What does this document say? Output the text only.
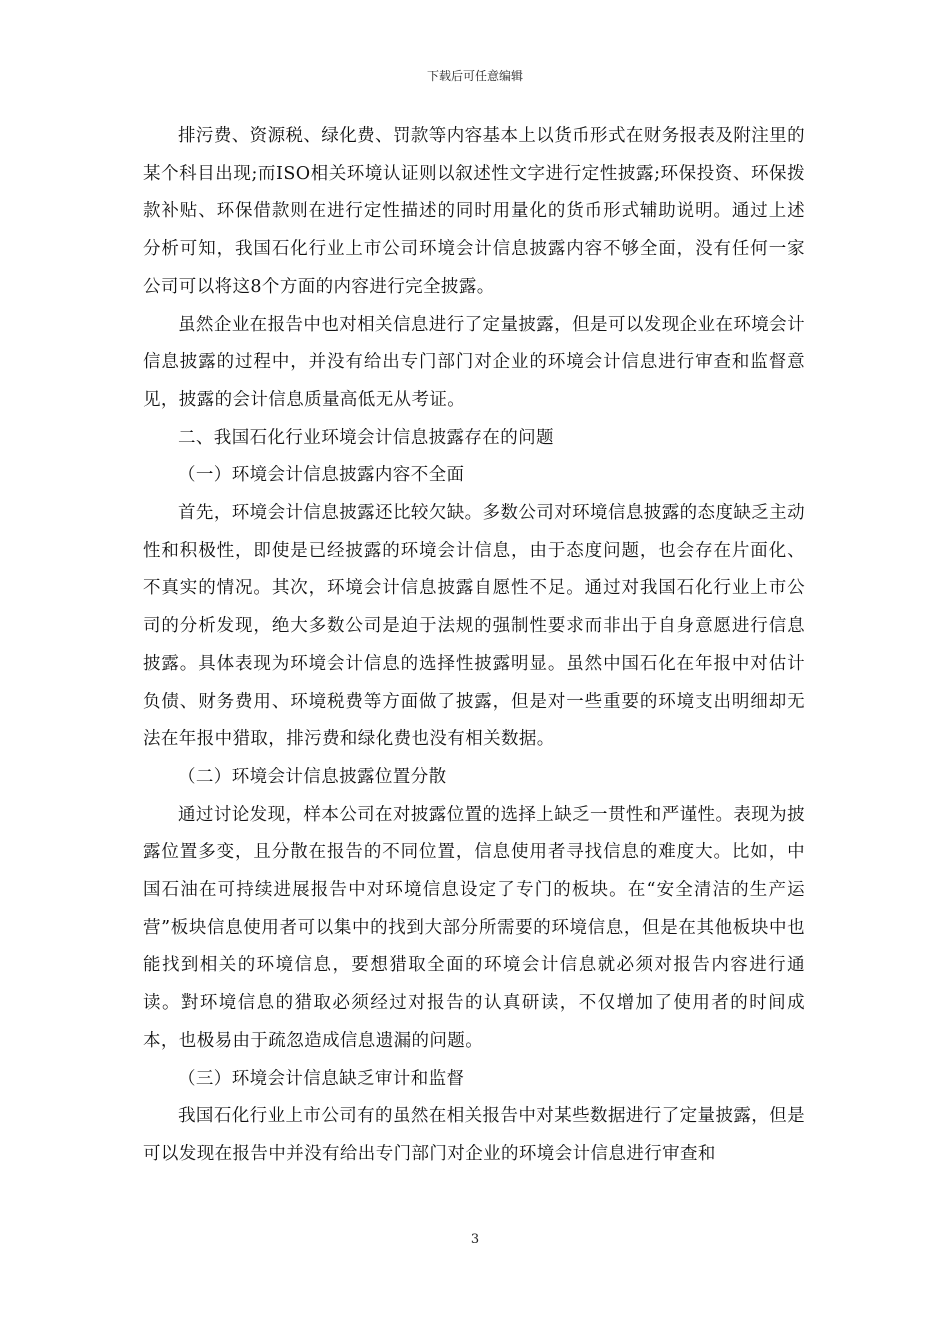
下载后可任意编辑

排污费、资源税、绿化费、罚款等内容基本上以货币形式在财务报表及附注里的某个科目出现;而ISO相关环境认证则以叙述性文字进行定性披露;环保投资、环保拨款补贴、环保借款则在进行定性描述的同时用量化的货币形式辅助说明。通过上述分析可知，我国石化行业上市公司环境会计信息披露内容不够全面，没有任何一家公司可以将这8个方面的内容进行完全披露。

虽然企业在报告中也对相关信息进行了定量披露，但是可以发现企业在环境会计信息披露的过程中，并没有给出专门部门对企业的环境会计信息进行审查和监督意见，披露的会计信息质量高低无从考证。

二、我国石化行业环境会计信息披露存在的问题

（一）环境会计信息披露内容不全面

首先，环境会计信息披露还比较欠缺。多数公司对环境信息披露的态度缺乏主动性和积极性，即使是已经披露的环境会计信息，由于态度问题，也会存在片面化、不真实的情况。其次，环境会计信息披露自愿性不足。通过对我国石化行业上市公司的分析发现，绝大多数公司是迫于法规的强制性要求而非出于自身意愿进行信息披露。具体表现为环境会计信息的选择性披露明显。虽然中国石化在年报中对估计负债、财务费用、环境税费等方面做了披露，但是对一些重要的环境支出明细却无法在年报中猎取，排污费和绿化费也没有相关数据。

（二）环境会计信息披露位置分散

通过讨论发现，样本公司在对披露位置的选择上缺乏一贯性和严谨性。表现为披露位置多变，且分散在报告的不同位置，信息使用者寻找信息的难度大。比如，中国石油在可持续进展报告中对环境信息设定了专门的板块。在“安全清洁的生产运营”板块信息使用者可以集中的找到大部分所需要的环境信息，但是在其他板块中也能找到相关的环境信息，要想猎取全面的环境会计信息就必须对报告内容进行通读。對环境信息的猎取必须经过对报告的认真研读，不仅增加了使用者的时间成本，也极易由于疏忽造成信息遗漏的问题。

（三）环境会计信息缺乏审计和监督

我国石化行业上市公司有的虽然在相关报告中对某些数据进行了定量披露，但是可以发现在报告中并没有给出专门部门对企业的环境会计信息进行审查和

3
